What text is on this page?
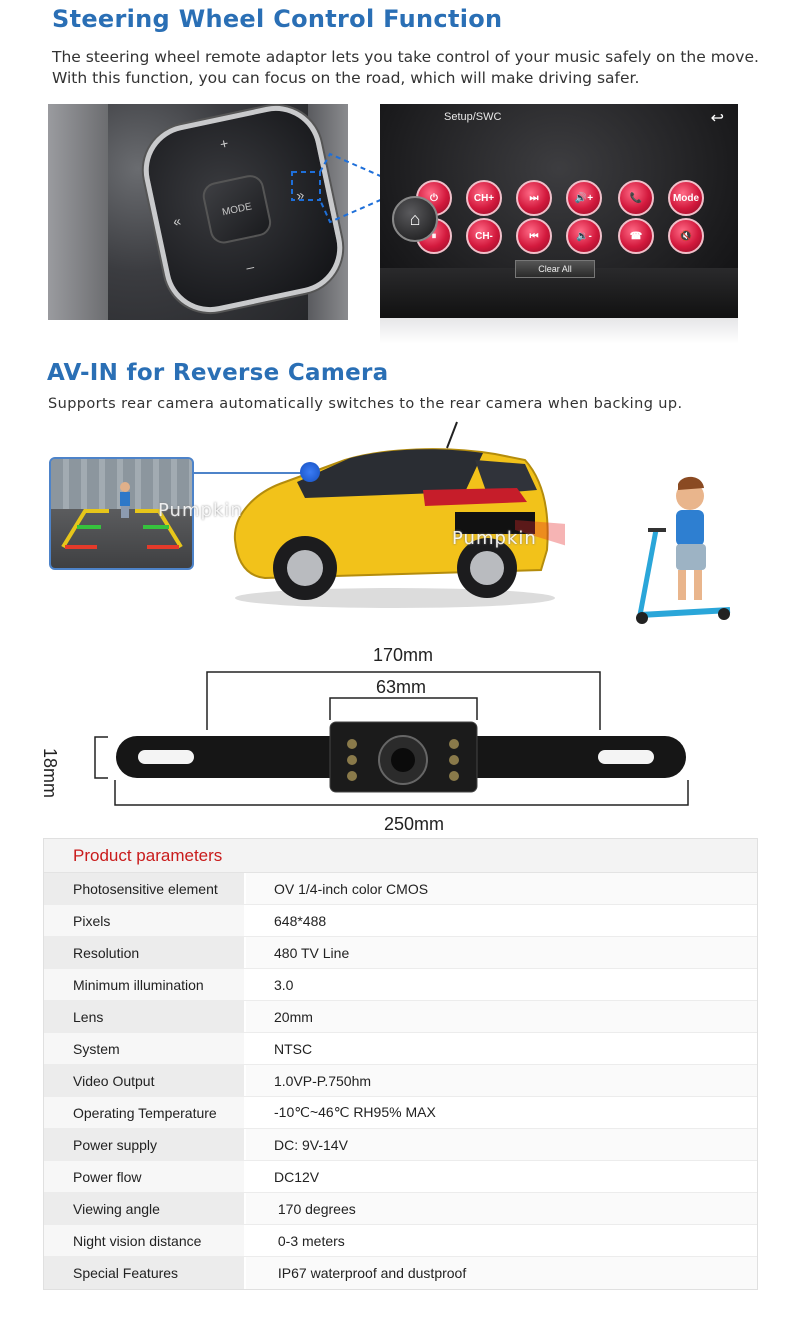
Steering Wheel Control Function
The steering wheel remote adaptor lets you take control of your music safely on the move.
With this function, you can focus on the road, which will make driving safer.
MODE
+
–
«
»
Setup/SWC	↩
⏻	CH+	⏭	🔊+	📞	Mode
⏸	CH-	⏮	🔉-	☎	🔇
⌂
Clear All
AV-IN for Reverse Camera
Supports rear camera automatically switches to the rear camera when backing up.
Pumpkin
Pumpkin
170mm
63mm
250mm
18mm
Product parameters
Photosensitive element	OV 1/4-inch color CMOS
Pixels	648*488
Resolution	480 TV Line
Minimum illumination	3.0
Lens	20mm
System	NTSC
Video Output	1.0VP-P.750hm
Operating Temperature	-10℃~46℃ RH95% MAX
Power supply	DC: 9V-14V
Power flow	DC12V
Viewing angle	170 degrees
Night vision distance	0-3 meters
Special Features	IP67 waterproof and dustproof
